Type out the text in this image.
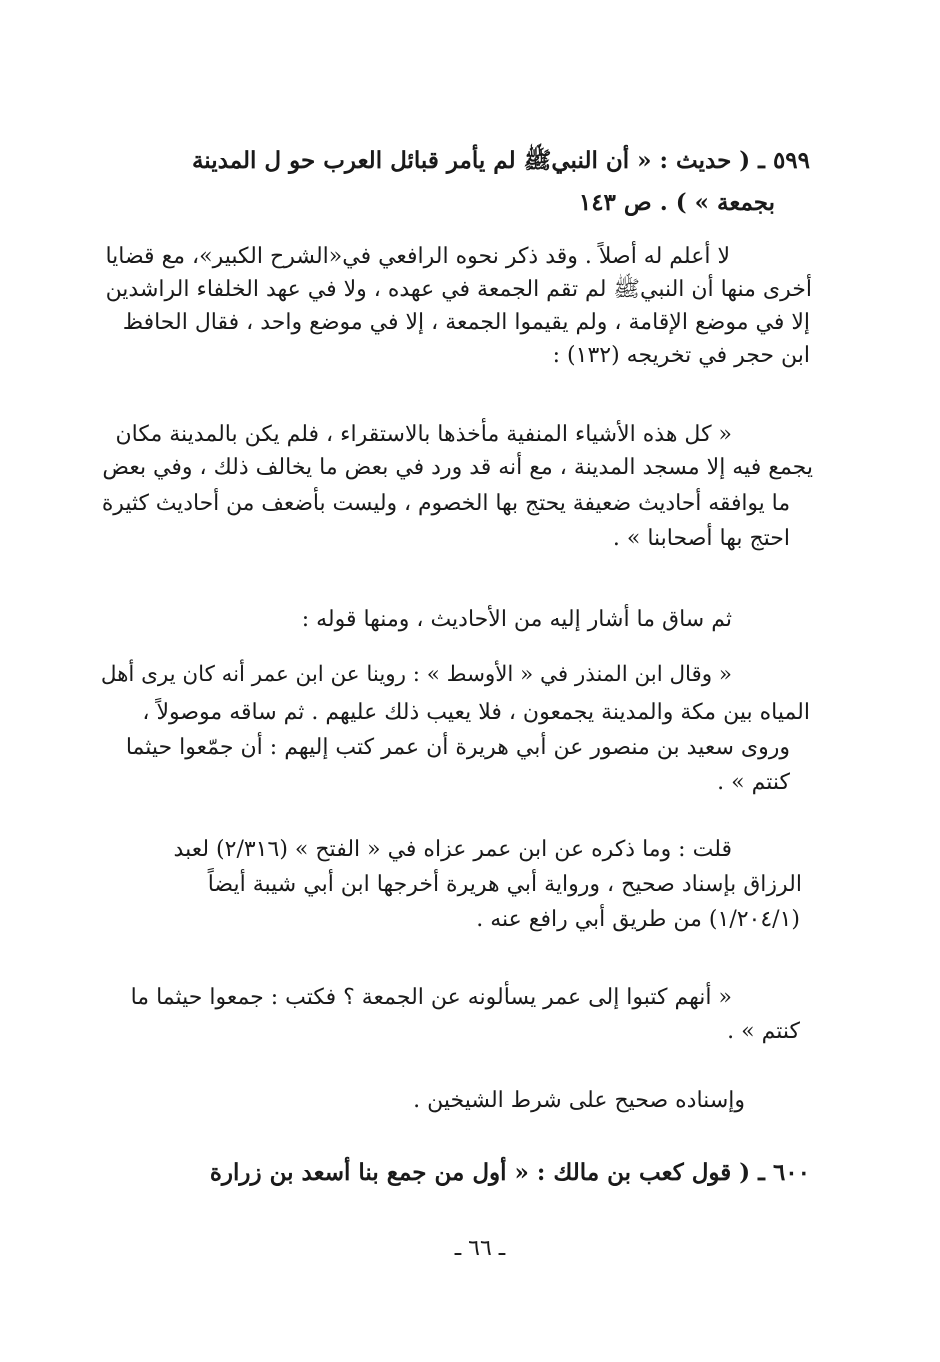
٥٩٩ ـ ( حديث : « أن النبيﷺ لم يأمر قبائل العرب حو ل المدينة
بجمعة » ) . ص ١٤٣
لا أعلم له أصلاً . وقد ذكر نحوه الرافعي في«الشرح الكبير»، مع قضايا
أخرى منها أن النبيﷺ لم تقم الجمعة في عهده ، ولا في عهد الخلفاء الراشدين
إلا في موضع الإقامة ، ولم يقيموا الجمعة ، إلا في موضع واحد ، فقال الحافظ
ابن حجر في تخريجه (١٣٢) :
« كل هذه الأشياء المنفية مأخذها بالاستقراء ، فلم يكن بالمدينة مكان
يجمع فيه إلا مسجد المدينة ، مع أنه قد ورد في بعض ما يخالف ذلك ، وفي بعض
ما يوافقه أحاديث ضعيفة يحتج بها الخصوم ، وليست بأضعف من أحاديث كثيرة
احتج بها أصحابنا » .
ثم ساق ما أشار إليه من الأحاديث ، ومنها قوله :
« وقال ابن المنذر في « الأوسط » : روينا عن ابن عمر أنه كان يرى أهل
المياه بين مكة والمدينة يجمعون ، فلا يعيب ذلك عليهم . ثم ساقه موصولاً ،
وروى سعيد بن منصور عن أبي هريرة أن عمر كتب إليهم : أن جمّعوا حيثما
كنتم » .
قلت : وما ذكره عن ابن عمر عزاه في « الفتح » (٢/٣١٦) لعبد
الرزاق بإسناد صحيح ، ورواية أبي هريرة أخرجها ابن أبي شيبة أيضاً
(١/٢٠٤/١) من طريق أبي رافع عنه .
« أنهم كتبوا إلى عمر يسألونه عن الجمعة ؟ فكتب : جمعوا حيثما ما
كنتم » .
وإسناده صحيح على شرط الشيخين .
٦٠٠ ـ ( قول كعب بن مالك : « أول من جمع بنا أسعد بن زرارة
ـ ٦٦ ـ
